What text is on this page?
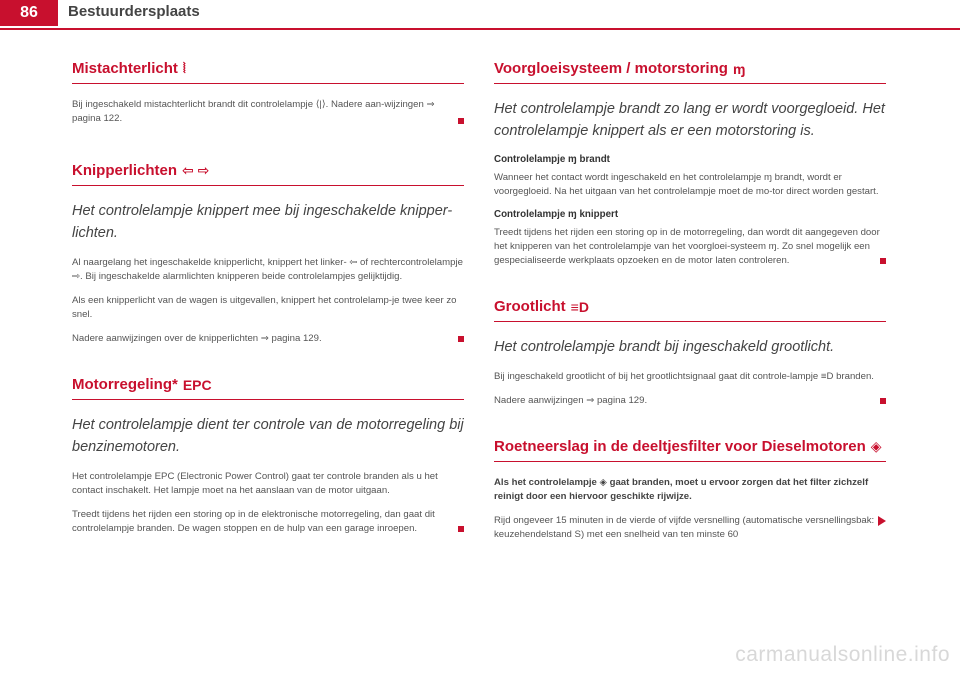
86	Bestuurdersplaats
Mistachterlicht ⦚

Bij ingeschakeld mistachterlicht brandt dit controlelampje ⟨|⟩. Nadere aan-wijzingen ⇒ pagina 122.

Knipperlichten ⇦ ⇨
Het controlelampje knippert mee bij ingeschakelde knipper-lichten.

Al naargelang het ingeschakelde knipperlicht, knippert het linker- ⇦ of rechtercontrolelampje ⇨. Bij ingeschakelde alarmlichten knipperen beide controlelampjes gelijktijdig.

Als een knipperlicht van de wagen is uitgevallen, knippert het controlelamp-je twee keer zo snel.

Nadere aanwijzingen over de knipperlichten ⇒ pagina 129.

Motorregeling* EPC
Het controlelampje dient ter controle van de motorregeling bij benzinemotoren.

Het controlelampje EPC (Electronic Power Control) gaat ter controle branden als u het contact inschakelt. Het lampje moet na het aanslaan van de motor uitgaan.

Treedt tijdens het rijden een storing op in de elektronische motorregeling, dan gaat dit controlelampje branden. De wagen stoppen en de hulp van een garage inroepen.

Voorgloeisysteem / motorstoring ɱ
Het controlelampje brandt zo lang er wordt voorgegloeid. Het controlelampje knippert als er een motorstoring is.
Controlelampje ɱ brandt

Wanneer het contact wordt ingeschakeld en het controlelampje ɱ brandt, wordt er voorgegloeid. Na het uitgaan van het controlelampje moet de mo-tor direct worden gestart.

Controlelampje ɱ knippert

Treedt tijdens het rijden een storing op in de motorregeling, dan wordt dit aangegeven door het knipperen van het controlelampje van het voorgloei-systeem ɱ. Zo snel mogelijk een gespecialiseerde werkplaats opzoeken en de motor laten controleren.

Grootlicht ≡D
Het controlelampje brandt bij ingeschakeld grootlicht.

Bij ingeschakeld grootlicht of bij het grootlichtsignaal gaat dit controle-lampje ≡D branden.

Nadere aanwijzingen ⇒ pagina 129.

Roetneerslag in de deeltjesfilter voor Dieselmotoren ◈

Als het controlelampje ◈ gaat branden, moet u ervoor zorgen dat het filter zichzelf reinigt door een hiervoor geschikte rijwijze.

Rijd ongeveer 15 minuten in de vierde of vijfde versnelling (automatische versnellingsbak: keuzehendelstand S) met een snelheid van ten minste 60

carmanualsonline.info
